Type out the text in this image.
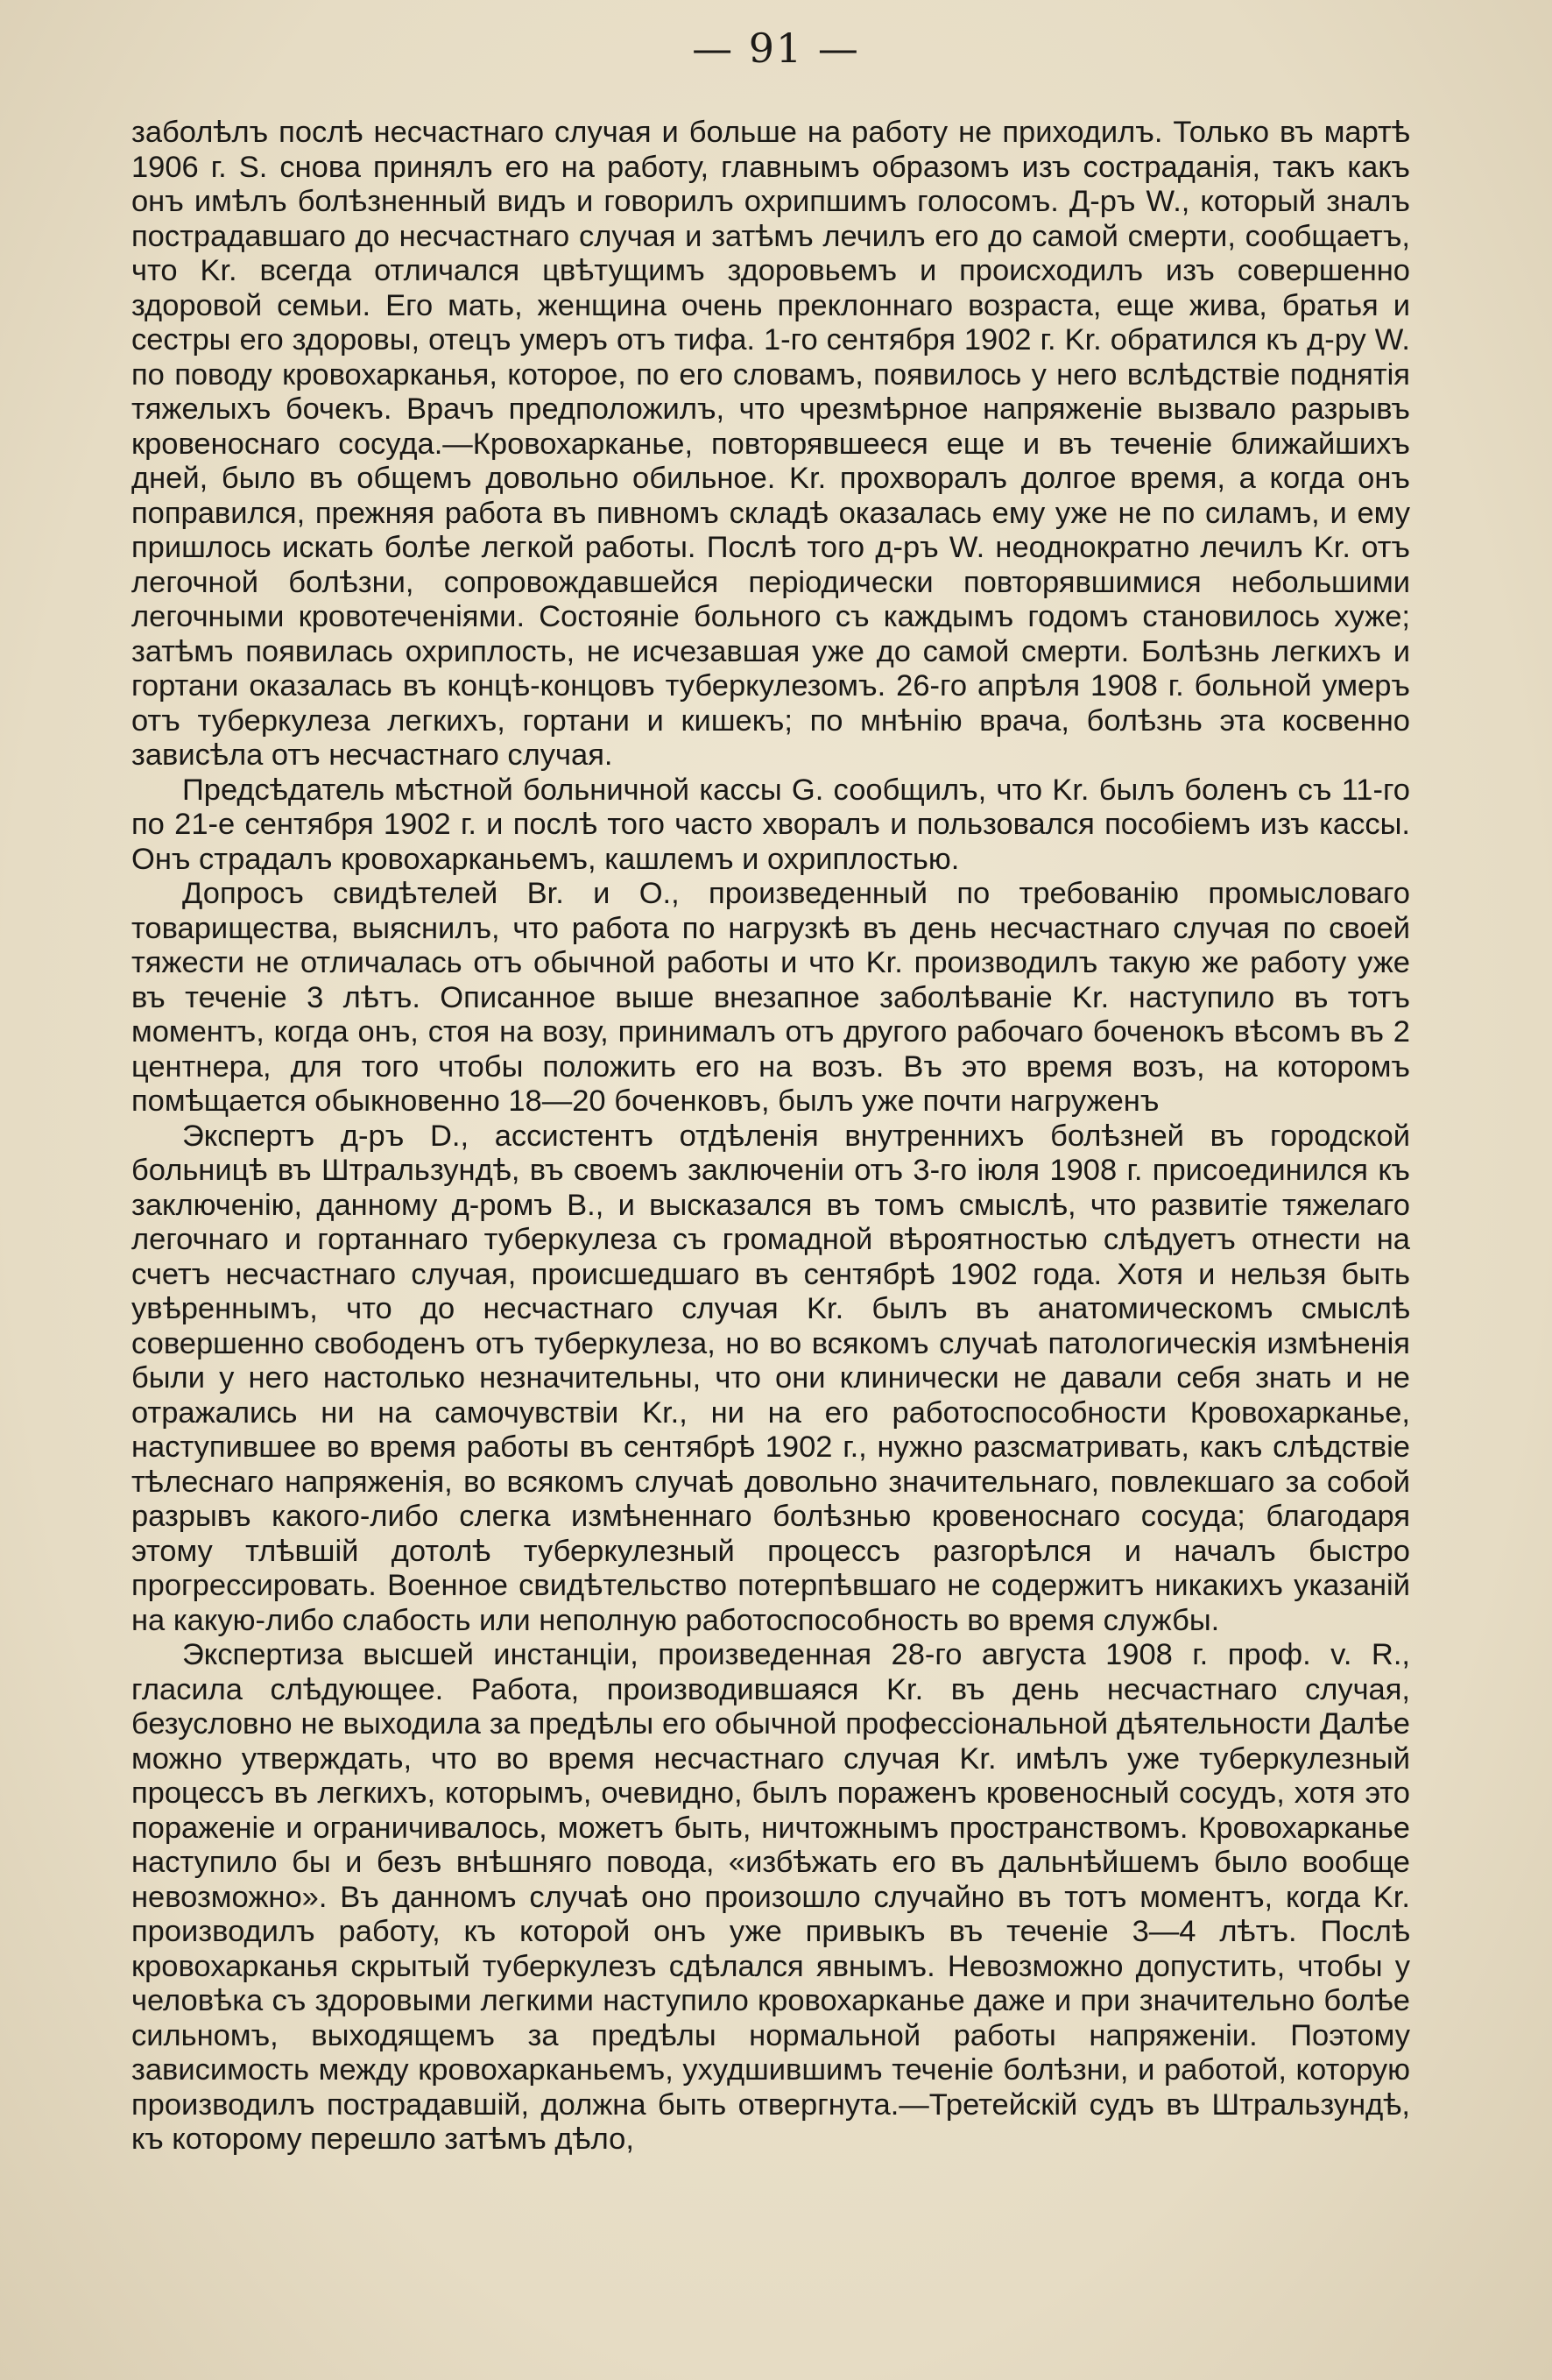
— 91 —

заболѣлъ послѣ несчастнаго случая и больше на работу не приходилъ. Только въ мартѣ 1906 г. S. снова принялъ его на работу, главнымъ образомъ изъ состраданія, такъ какъ онъ имѣлъ болѣзненный видъ и говорилъ охрипшимъ голосомъ. Д-ръ W., который зналъ пострадавшаго до несчастнаго случая и затѣмъ лечилъ его до самой смерти, сообщаетъ, что Kr. всегда отличался цвѣтущимъ здоровьемъ и происходилъ изъ совершенно здоровой семьи. Его мать, женщина очень преклоннаго возраста, еще жива, братья и сестры его здоровы, отецъ умеръ отъ тифа. 1-го сентября 1902 г. Kr. обратился къ д-ру W. по поводу кровохарканья, которое, по его словамъ, появилось у него вслѣдствіе поднятія тяжелыхъ бочекъ. Врачъ предположилъ, что чрезмѣрное напряженіе вызвало разрывъ кровеноснаго сосуда.—Кровохарканье, повторявшееся еще и въ теченіе ближайшихъ дней, было въ общемъ довольно обильное. Kr. прохворалъ долгое время, а когда онъ поправился, прежняя работа въ пивномъ складѣ оказалась ему уже не по силамъ, и ему пришлось искать болѣе легкой работы. Послѣ того д-ръ W. неоднократно лечилъ Kr. отъ легочной болѣзни, сопровождавшейся періодически повторявшимися небольшими легочными кровотеченіями. Состояніе больного съ каждымъ годомъ становилось хуже; затѣмъ появилась охриплость, не исчезавшая уже до самой смерти. Болѣзнь легкихъ и гортани оказалась въ концѣ-концовъ туберкулезомъ. 26-го апрѣля 1908 г. больной умеръ отъ туберкулеза легкихъ, гортани и кишекъ; по мнѣнію врача, болѣзнь эта косвенно зависѣла отъ несчастнаго случая.

Предсѣдатель мѣстной больничной кассы G. сообщилъ, что Kr. былъ боленъ съ 11-го по 21-е сентября 1902 г. и послѣ того часто хворалъ и пользовался пособіемъ изъ кассы. Онъ страдалъ кровохарканьемъ, кашлемъ и охриплостью.

Допросъ свидѣтелей Br. и O., произведенный по требованію промысловаго товарищества, выяснилъ, что работа по нагрузкѣ въ день несчастнаго случая по своей тяжести не отличалась отъ обычной работы и что Kr. производилъ такую же работу уже въ теченіе 3 лѣтъ. Описанное выше внезапное заболѣваніе Kr. наступило въ тотъ моментъ, когда онъ, стоя на возу, принималъ отъ другого рабочаго боченокъ вѣсомъ въ 2 центнера, для того чтобы положить его на возъ. Въ это время возъ, на которомъ помѣщается обыкновенно 18—20 боченковъ, былъ уже почти нагруженъ

Экспертъ д-ръ D., ассистентъ отдѣленія внутреннихъ болѣзней въ городской больницѣ въ Штральзундѣ, въ своемъ заключеніи отъ 3-го іюля 1908 г. присоединился къ заключенію, данному д-ромъ B., и высказался въ томъ смыслѣ, что развитіе тяжелаго легочнаго и гортаннаго туберкулеза съ громадной вѣроятностью слѣдуетъ отнести на счетъ несчастнаго случая, происшедшаго въ сентябрѣ 1902 года. Хотя и нельзя быть увѣреннымъ, что до несчастнаго случая Kr. былъ въ анатомическомъ смыслѣ совершенно свободенъ отъ туберкулеза, но во всякомъ случаѣ патологическія измѣненія были у него настолько незначительны, что они клинически не давали себя знать и не отражались ни на самочувствіи Kr., ни на его работоспособности Кровохарканье, наступившее во время работы въ сентябрѣ 1902 г., нужно разсматривать, какъ слѣдствіе тѣлеснаго напряженія, во всякомъ случаѣ довольно значительнаго, повлекшаго за собой разрывъ какого-либо слегка измѣненнаго болѣзнью кровеноснаго сосуда; благодаря этому тлѣвшій дотолѣ туберкулезный процессъ разгорѣлся и началъ быстро прогрессировать. Военное свидѣтельство потерпѣвшаго не содержитъ никакихъ указаній на какую-либо слабость или неполную работоспособность во время службы.

Экспертиза высшей инстанціи, произведенная 28-го августа 1908 г. проф. v. R., гласила слѣдующее. Работа, производившаяся Kr. въ день несчастнаго случая, безусловно не выходила за предѣлы его обычной профессіональной дѣятельности Далѣе можно утверждать, что во время несчастнаго случая Kr. имѣлъ уже туберкулезный процессъ въ легкихъ, которымъ, очевидно, былъ пораженъ кровеносный сосудъ, хотя это пораженіе и ограничивалось, можетъ быть, ничтожнымъ пространствомъ. Кровохарканье наступило бы и безъ внѣшняго повода, «избѣжать его въ дальнѣйшемъ было вообще невозможно». Въ данномъ случаѣ оно произошло случайно въ тотъ моментъ, когда Kr. производилъ работу, къ которой онъ уже привыкъ въ теченіе 3—4 лѣтъ. Послѣ кровохарканья скрытый туберкулезъ сдѣлался явнымъ. Невозможно допустить, чтобы у человѣка съ здоровыми легкими наступило кровохарканье даже и при значительно болѣе сильномъ, выходящемъ за предѣлы нормальной работы напряженіи. Поэтому зависимость между кровохарканьемъ, ухудшившимъ теченіе болѣзни, и работой, которую производилъ пострадавшій, должна быть отвергнута.—Третейскій судъ въ Штральзундѣ, къ которому перешло затѣмъ дѣло,
